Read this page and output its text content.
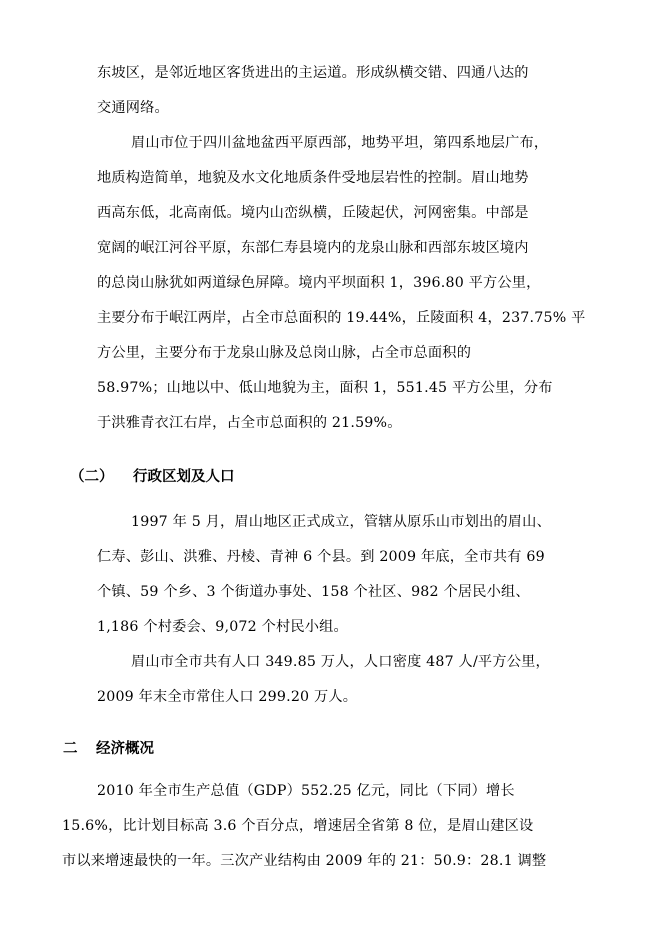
东坡区，是邻近地区客货进出的主运道。形成纵横交错、四通八达的
交通网络。
眉山市位于四川盆地盆西平原西部，地势平坦，第四系地层广布，
地质构造简单，地貌及水文化地质条件受地层岩性的控制。眉山地势
西高东低，北高南低。境内山峦纵横，丘陵起伏，河网密集。中部是
宽阔的岷江河谷平原，东部仁寿县境内的龙泉山脉和西部东坡区境内
的总岗山脉犹如两道绿色屏障。境内平坝面积 1，396.80 平方公里，
主要分布于岷江两岸，占全市总面积的 19.44%，丘陵面积 4，237.75% 平
方公里，主要分布于龙泉山脉及总岗山脉，占全市总面积的
58.97%；山地以中、低山地貌为主，面积 1，551.45 平方公里，分布
于洪雅青衣江右岸，占全市总面积的 21.59%。
（二） 行政区划及人口
1997 年 5 月，眉山地区正式成立，管辖从原乐山市划出的眉山、
仁寿、彭山、洪雅、丹棱、青神 6 个县。到 2009 年底，全市共有 69
个镇、59 个乡、3 个街道办事处、158 个社区、982 个居民小组、
1,186 个村委会、9,072 个村民小组。
眉山市全市共有人口 349.85 万人，人口密度 487 人/平方公里，
2009 年末全市常住人口 299.20 万人。
二 经济概况
2010 年全市生产总值（GDP）552.25 亿元，同比（下同）增长
15.6%，比计划目标高 3.6 个百分点，增速居全省第 8 位，是眉山建区设
市以来增速最快的一年。三次产业结构由 2009 年的 21：50.9：28.1 调整
